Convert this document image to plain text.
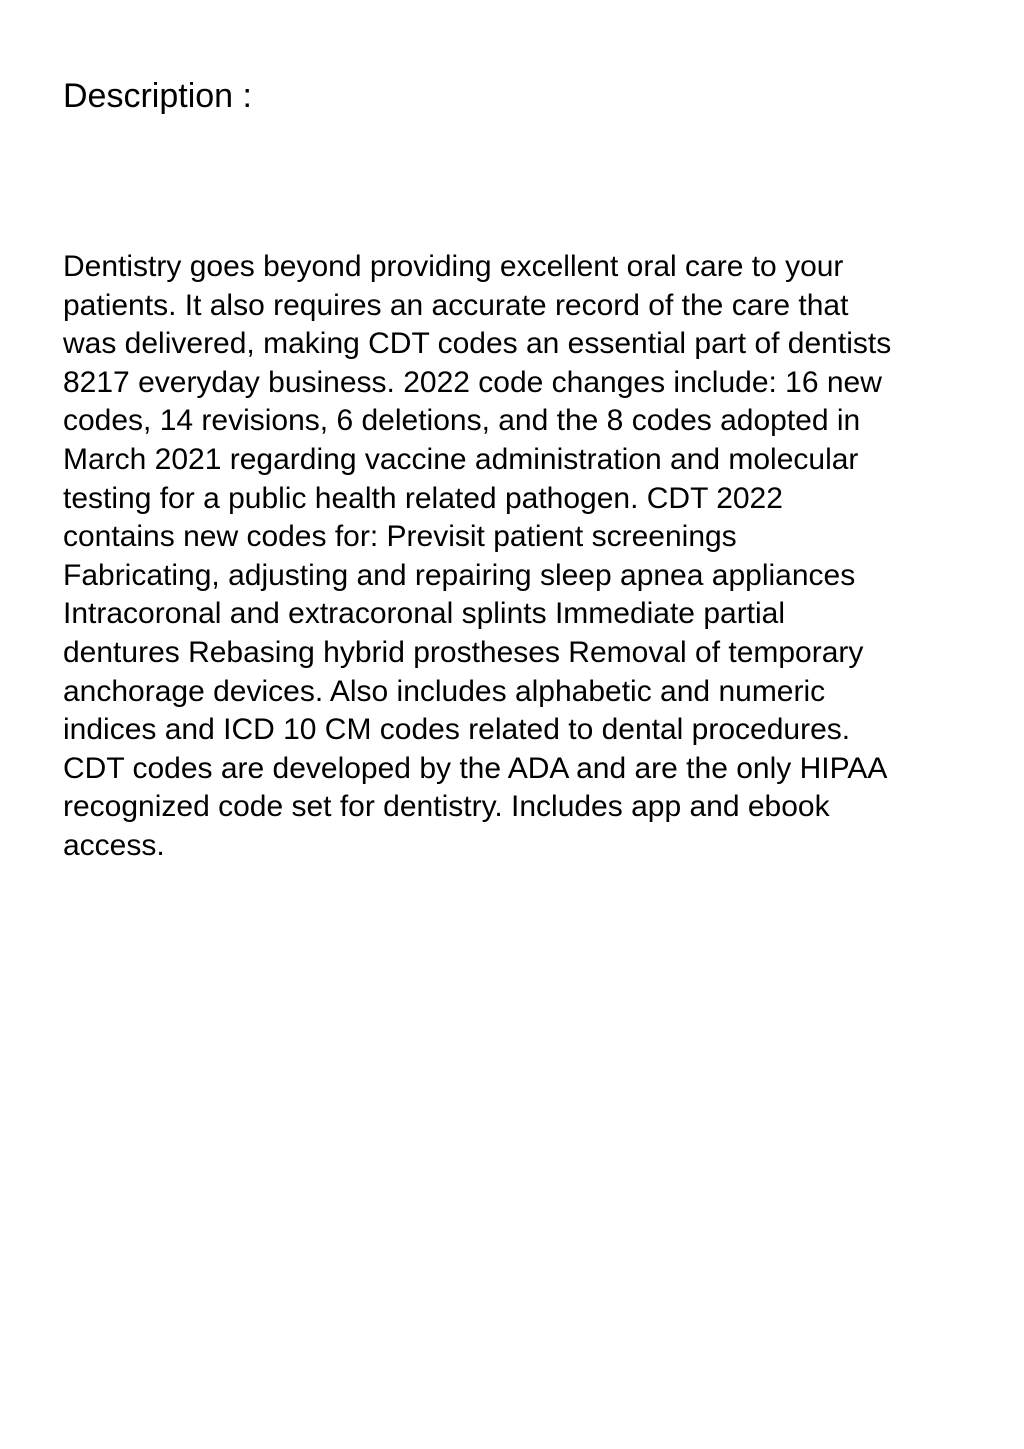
Description :
Dentistry goes beyond providing excellent oral care to your
patients. It also requires an accurate record of the care that
was delivered, making CDT codes an essential part of dentists
8217 everyday business. 2022 code changes include: 16 new
codes, 14 revisions, 6 deletions, and the 8 codes adopted in
March 2021 regarding vaccine administration and molecular
testing for a public health related pathogen. CDT 2022
contains new codes for: Previsit patient screenings
Fabricating, adjusting and repairing sleep apnea appliances
Intracoronal and extracoronal splints Immediate partial
dentures Rebasing hybrid prostheses Removal of temporary
anchorage devices. Also includes alphabetic and numeric
indices and ICD 10 CM codes related to dental procedures.
CDT codes are developed by the ADA and are the only HIPAA
recognized code set for dentistry. Includes app and ebook
access.
